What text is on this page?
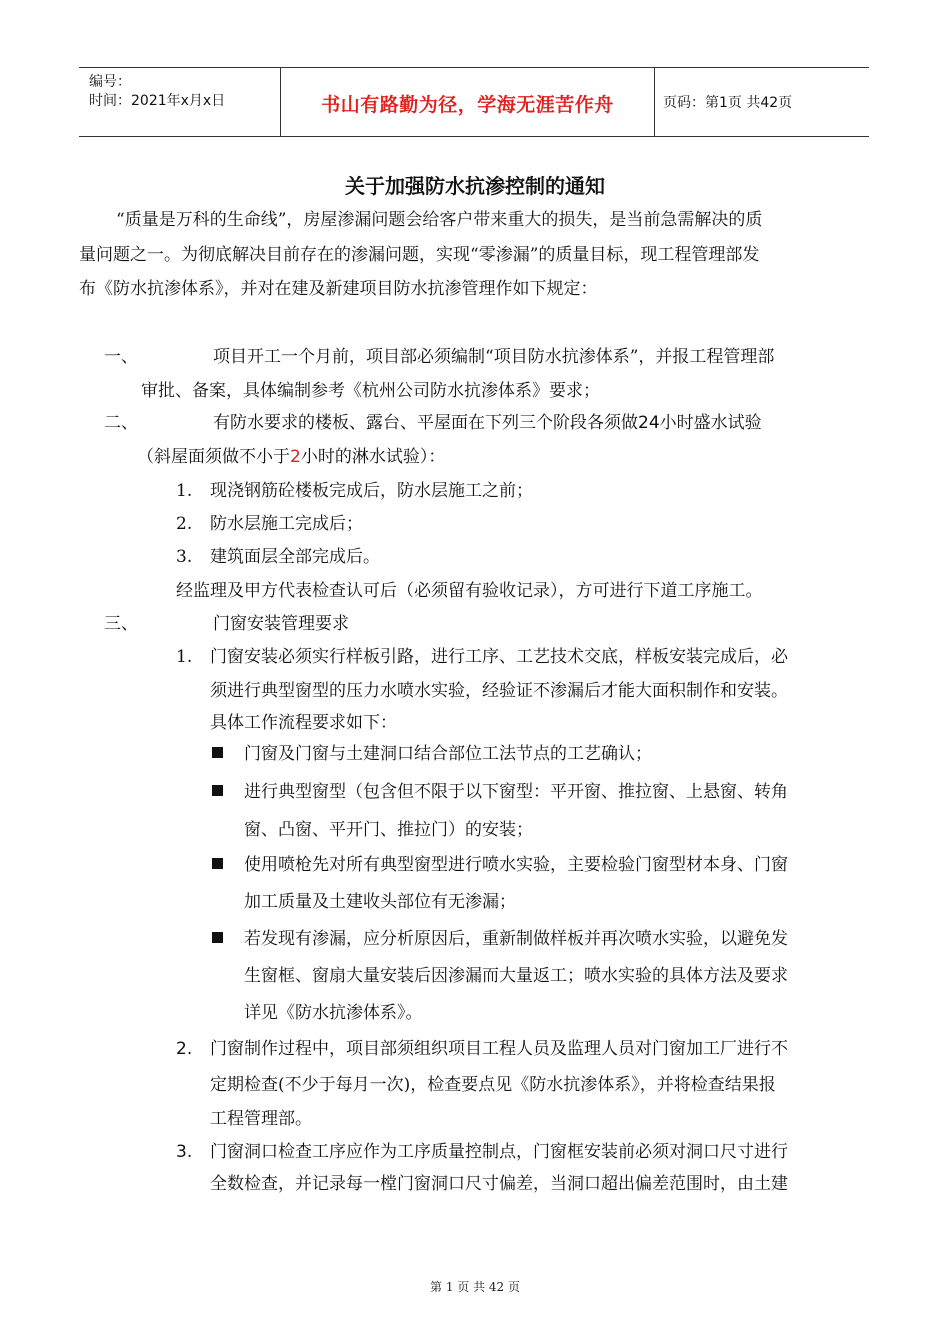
编号：
时间：2021年x月x日	书山有路勤为径，学海无涯苦作舟	页码：第1页 共42页
关于加强防水抗渗控制的通知
“质量是万科的生命线”，房屋渗漏问题会给客户带来重大的损失，是当前急需解决的质
量问题之一。为彻底解决目前存在的渗漏问题，实现“零渗漏”的质量目标，现工程管理部发
布《防水抗渗体系》，并对在建及新建项目防水抗渗管理作如下规定：
一、	项目开工一个月前，项目部必须编制“项目防水抗渗体系”，并报工程管理部
审批、备案，具体编制参考《杭州公司防水抗渗体系》要求；
二、	有防水要求的楼板、露台、平屋面在下列三个阶段各须做24小时盛水试验
（斜屋面须做不小于2小时的淋水试验）：
1. 现浇钢筋砼楼板完成后，防水层施工之前；
2. 防水层施工完成后；
3. 建筑面层全部完成后。
经监理及甲方代表检查认可后（必须留有验收记录），方可进行下道工序施工。
三、	门窗安装管理要求
1. 门窗安装必须实行样板引路，进行工序、工艺技术交底，样板安装完成后，必
须进行典型窗型的压力水喷水实验，经验证不渗漏后才能大面积制作和安装。
具体工作流程要求如下：
门窗及门窗与土建洞口结合部位工法节点的工艺确认；
进行典型窗型（包含但不限于以下窗型：平开窗、推拉窗、上悬窗、转角
窗、凸窗、平开门、推拉门）的安装；
使用喷枪先对所有典型窗型进行喷水实验，主要检验门窗型材本身、门窗
加工质量及土建收头部位有无渗漏；
若发现有渗漏，应分析原因后，重新制做样板并再次喷水实验，以避免发
生窗框、窗扇大量安装后因渗漏而大量返工；喷水实验的具体方法及要求
详见《防水抗渗体系》。
2. 门窗制作过程中，项目部须组织项目工程人员及监理人员对门窗加工厂进行不
定期检查(不少于每月一次)，检查要点见《防水抗渗体系》，并将检查结果报
工程管理部。
3. 门窗洞口检查工序应作为工序质量控制点，门窗框安装前必须对洞口尺寸进行
全数检查，并记录每一樘门窗洞口尺寸偏差，当洞口超出偏差范围时，由土建
第 1 页 共 42 页
